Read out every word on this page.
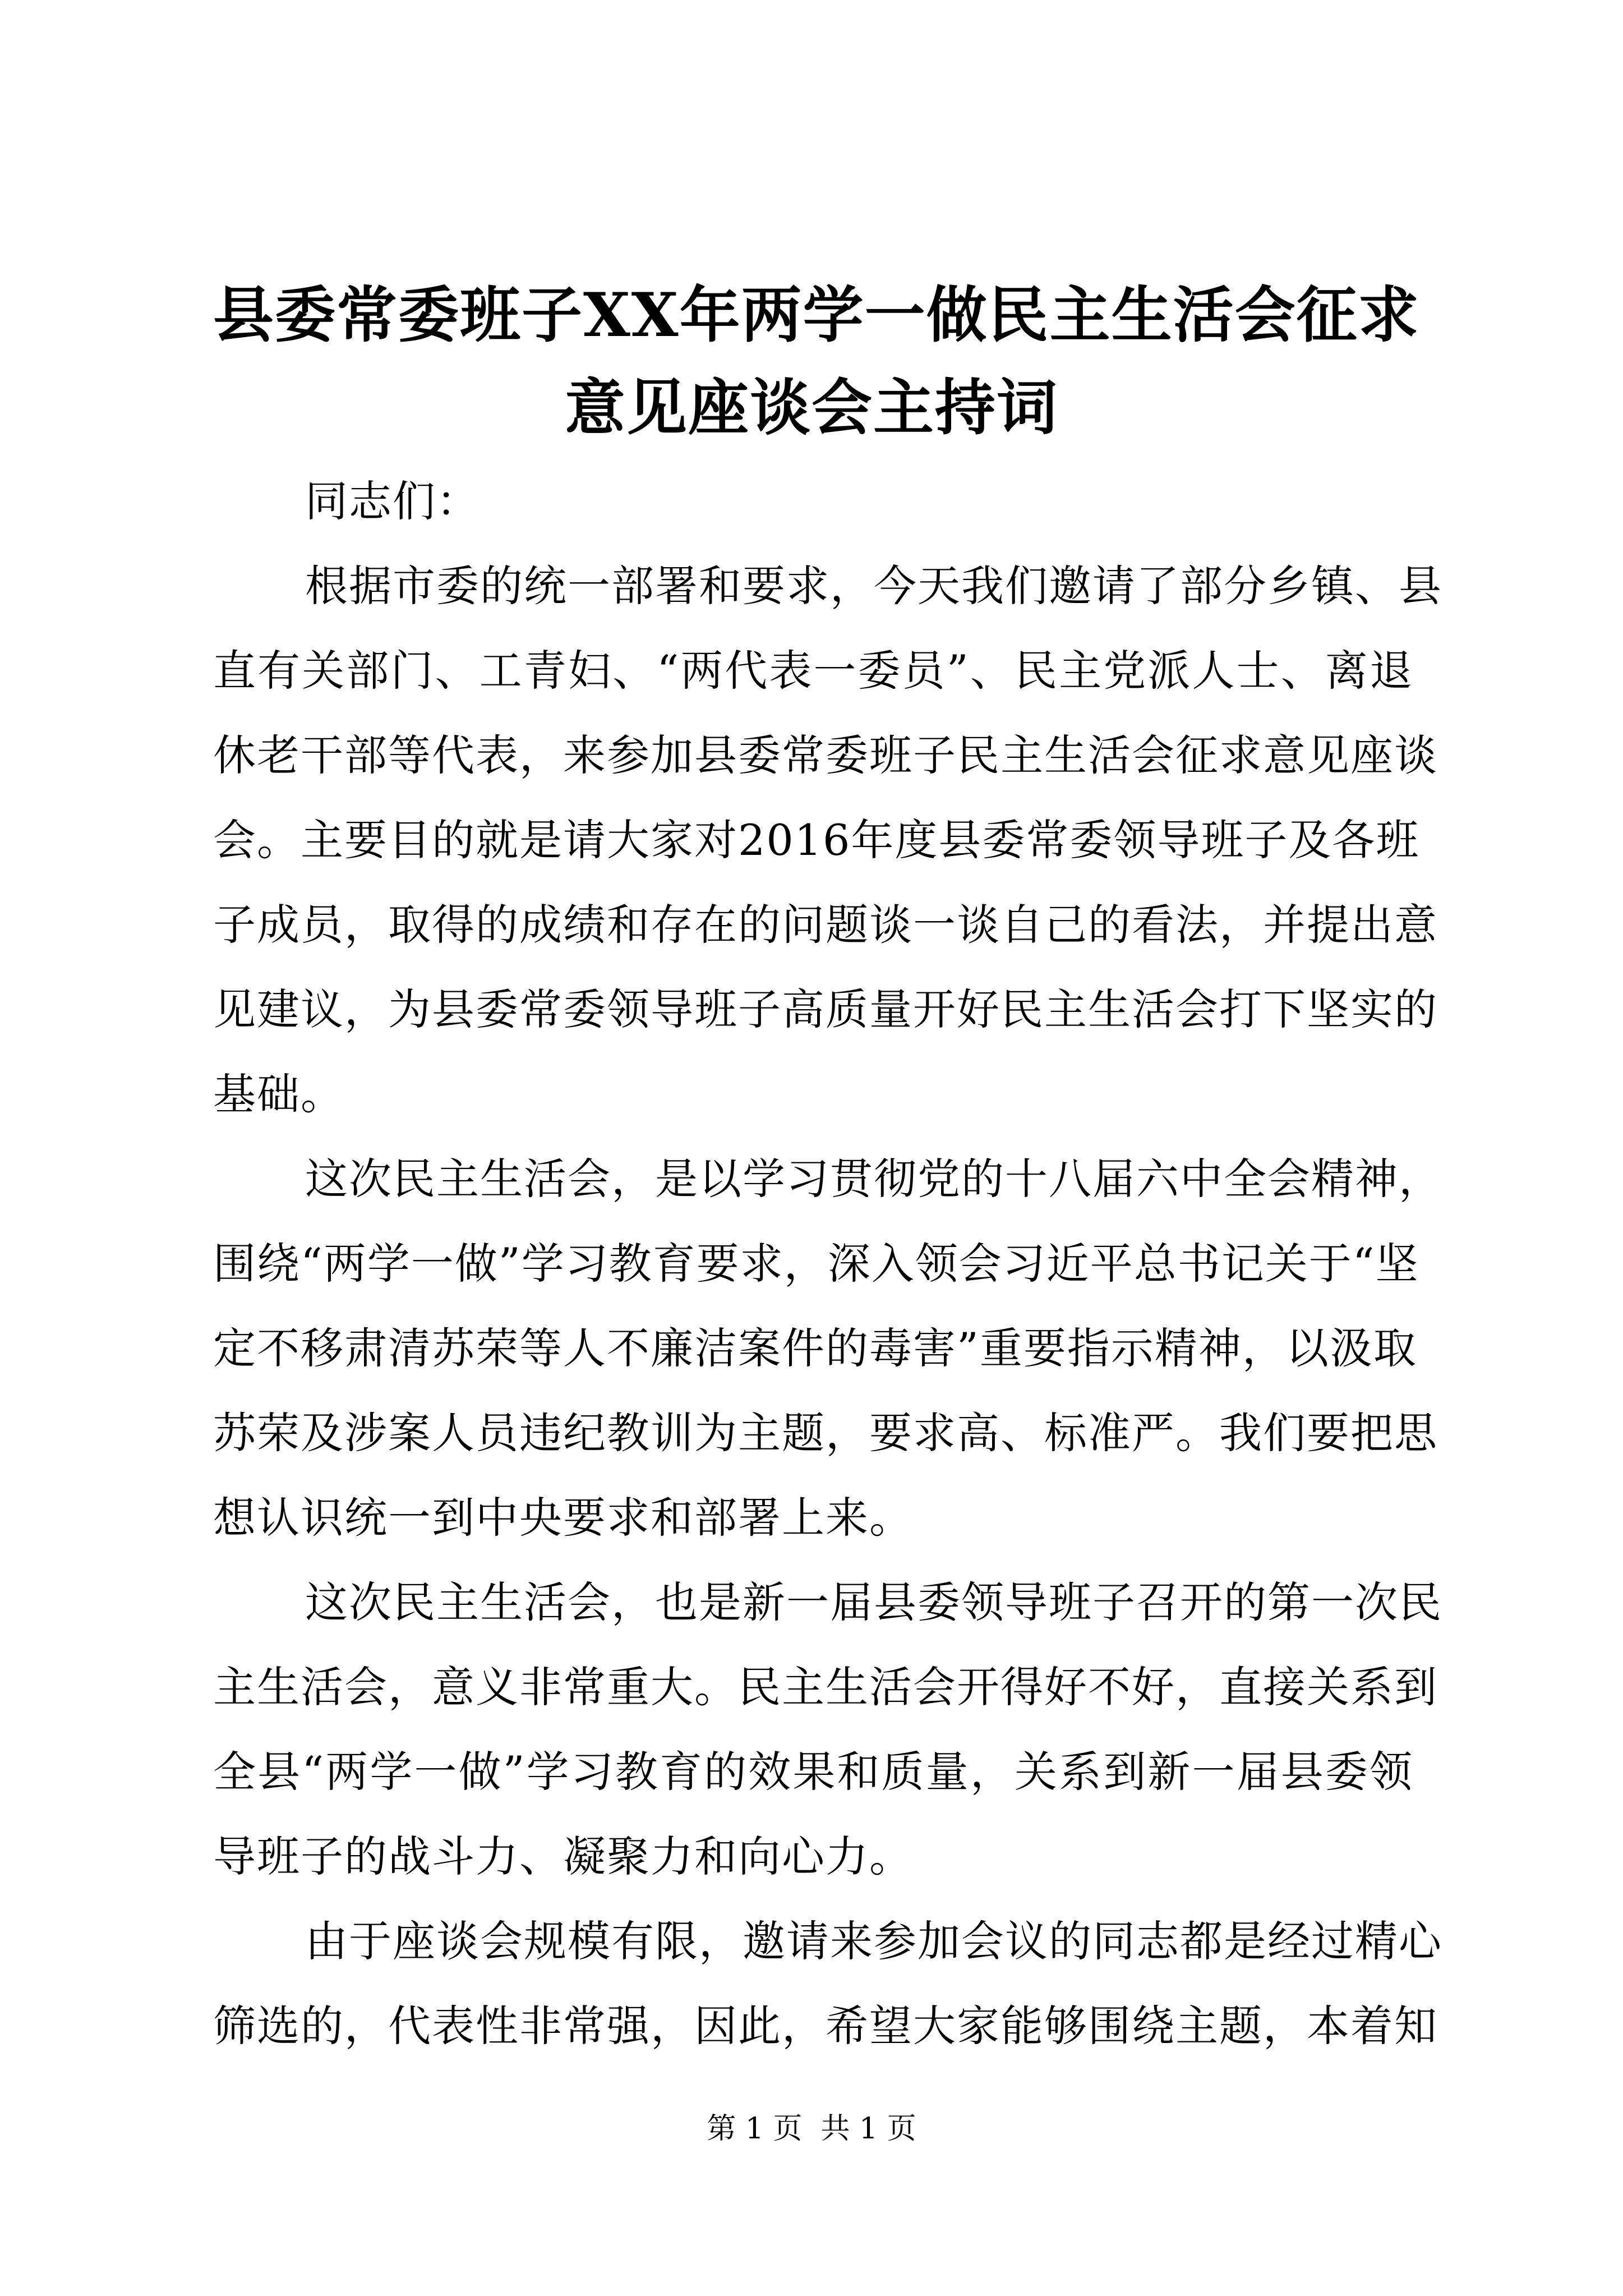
县委常委班子XX年两学一做民主生活会征求
意见座谈会主持词

同志们：

根据市委的统一部署和要求，今天我们邀请了部分乡镇、县
直有关部门、工青妇、“两代表一委员”、民主党派人士、离退
休老干部等代表，来参加县委常委班子民主生活会征求意见座谈
会。主要目的就是请大家对2016年度县委常委领导班子及各班
子成员，取得的成绩和存在的问题谈一谈自己的看法，并提出意
见建议，为县委常委领导班子高质量开好民主生活会打下坚实的
基础。

这次民主生活会，是以学习贯彻党的十八届六中全会精神，
围绕“两学一做”学习教育要求，深入领会习近平总书记关于“坚
定不移肃清苏荣等人不廉洁案件的毒害”重要指示精神，以汲取
苏荣及涉案人员违纪教训为主题，要求高、标准严。我们要把思
想认识统一到中央要求和部署上来。

这次民主生活会，也是新一届县委领导班子召开的第一次民
主生活会，意义非常重大。民主生活会开得好不好，直接关系到
全县“两学一做”学习教育的效果和质量，关系到新一届县委领
导班子的战斗力、凝聚力和向心力。

由于座谈会规模有限，邀请来参加会议的同志都是经过精心
筛选的，代表性非常强，因此，希望大家能够围绕主题，本着知

第 1 页  共 1 页
